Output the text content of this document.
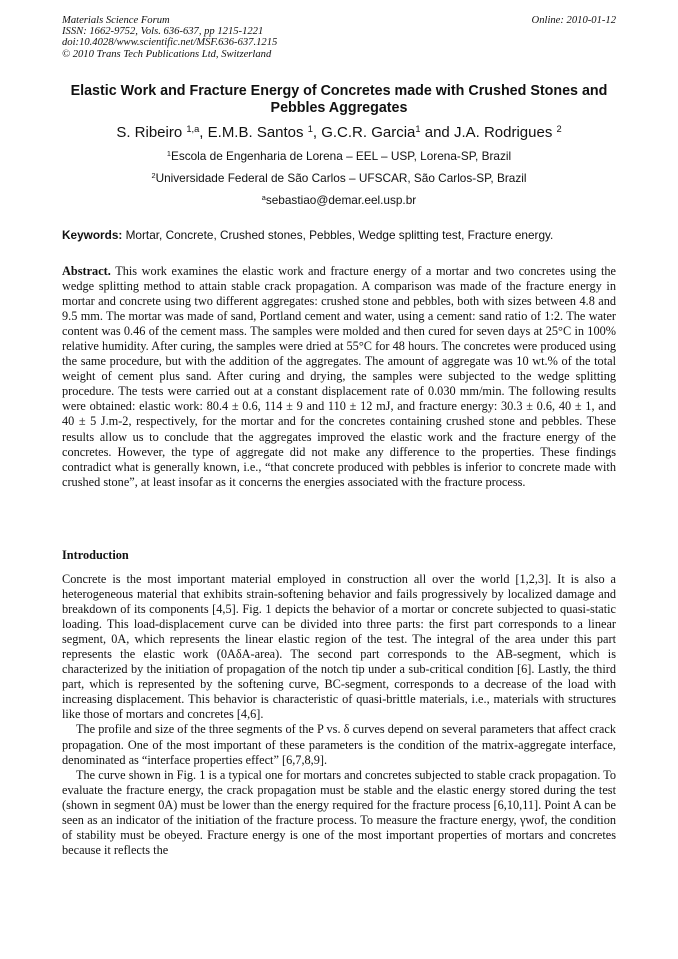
Materials Science Forum
ISSN: 1662-9752, Vols. 636-637, pp 1215-1221
doi:10.4028/www.scientific.net/MSF.636-637.1215
© 2010 Trans Tech Publications Ltd, Switzerland
Online: 2010-01-12
Elastic Work and Fracture Energy of Concretes made with Crushed Stones and Pebbles Aggregates
S. Ribeiro $^{1,a}$, E.M.B. Santos $^1$, G.C.R. Garcia$^1$ and J.A. Rodrigues $^2$
$^1$Escola de Engenharia de Lorena – EEL – USP, Lorena-SP, Brazil
$^2$Universidade Federal de São Carlos – UFSCAR, São Carlos-SP, Brazil
$^a$sebastiao@demar.eel.usp.br
Keywords: Mortar, Concrete, Crushed stones, Pebbles, Wedge splitting test, Fracture energy.
Abstract. This work examines the elastic work and fracture energy of a mortar and two concretes using the wedge splitting method to attain stable crack propagation. A comparison was made of the fracture energy in mortar and concrete using two different aggregates: crushed stone and pebbles, both with sizes between 4.8 and 9.5 mm. The mortar was made of sand, Portland cement and water, using a cement: sand ratio of 1:2. The water content was 0.46 of the cement mass. The samples were molded and then cured for seven days at 25°C in 100% relative humidity. After curing, the samples were dried at 55°C for 48 hours. The concretes were produced using the same procedure, but with the addition of the aggregates. The amount of aggregate was 10 wt.% of the total weight of cement plus sand. After curing and drying, the samples were subjected to the wedge splitting procedure. The tests were carried out at a constant displacement rate of 0.030 mm/min. The following results were obtained: elastic work: 80.4 ± 0.6, 114 ± 9 and 110 ± 12 mJ, and fracture energy: 30.3 ± 0.6, 40 ± 1, and 40 ± 5 J.m-2, respectively, for the mortar and for the concretes containing crushed stone and pebbles. These results allow us to conclude that the aggregates improved the elastic work and the fracture energy of the concretes. However, the type of aggregate did not make any difference to the properties. These findings contradict what is generally known, i.e., “that concrete produced with pebbles is inferior to concrete made with crushed stone”, at least insofar as it concerns the energies associated with the fracture process.
Introduction

Concrete is the most important material employed in construction all over the world [1,2,3]. It is also a heterogeneous material that exhibits strain-softening behavior and fails progressively by localized damage and breakdown of its components [4,5]. Fig. 1 depicts the behavior of a mortar or concrete subjected to quasi-static loading. This load-displacement curve can be divided into three parts: the first part corresponds to a linear segment, 0A, which represents the linear elastic region of the test. The integral of the area under this part represents the elastic work (0AδA-area). The second part corresponds to the AB-segment, which is characterized by the initiation of propagation of the notch tip under a sub-critical condition [6]. Lastly, the third part, which is represented by the softening curve, BC-segment, corresponds to a decrease of the load with increasing displacement. This behavior is characteristic of quasi-brittle materials, i.e., materials with structures like those of mortars and concretes [4,6].

The profile and size of the three segments of the P vs. δ curves depend on several parameters that affect crack propagation. One of the most important of these parameters is the condition of the matrix-aggregate interface, denominated as “interface properties effect” [6,7,8,9].

The curve shown in Fig. 1 is a typical one for mortars and concretes subjected to stable crack propagation. To evaluate the fracture energy, the crack propagation must be stable and the elastic energy stored during the test (shown in segment 0A) must be lower than the energy required for the fracture process [6,10,11]. Point A can be seen as an indicator of the initiation of the fracture process. To measure the fracture energy, γwof, the condition of stability must be obeyed. Fracture energy is one of the most important properties of mortars and concretes because it reflects the
